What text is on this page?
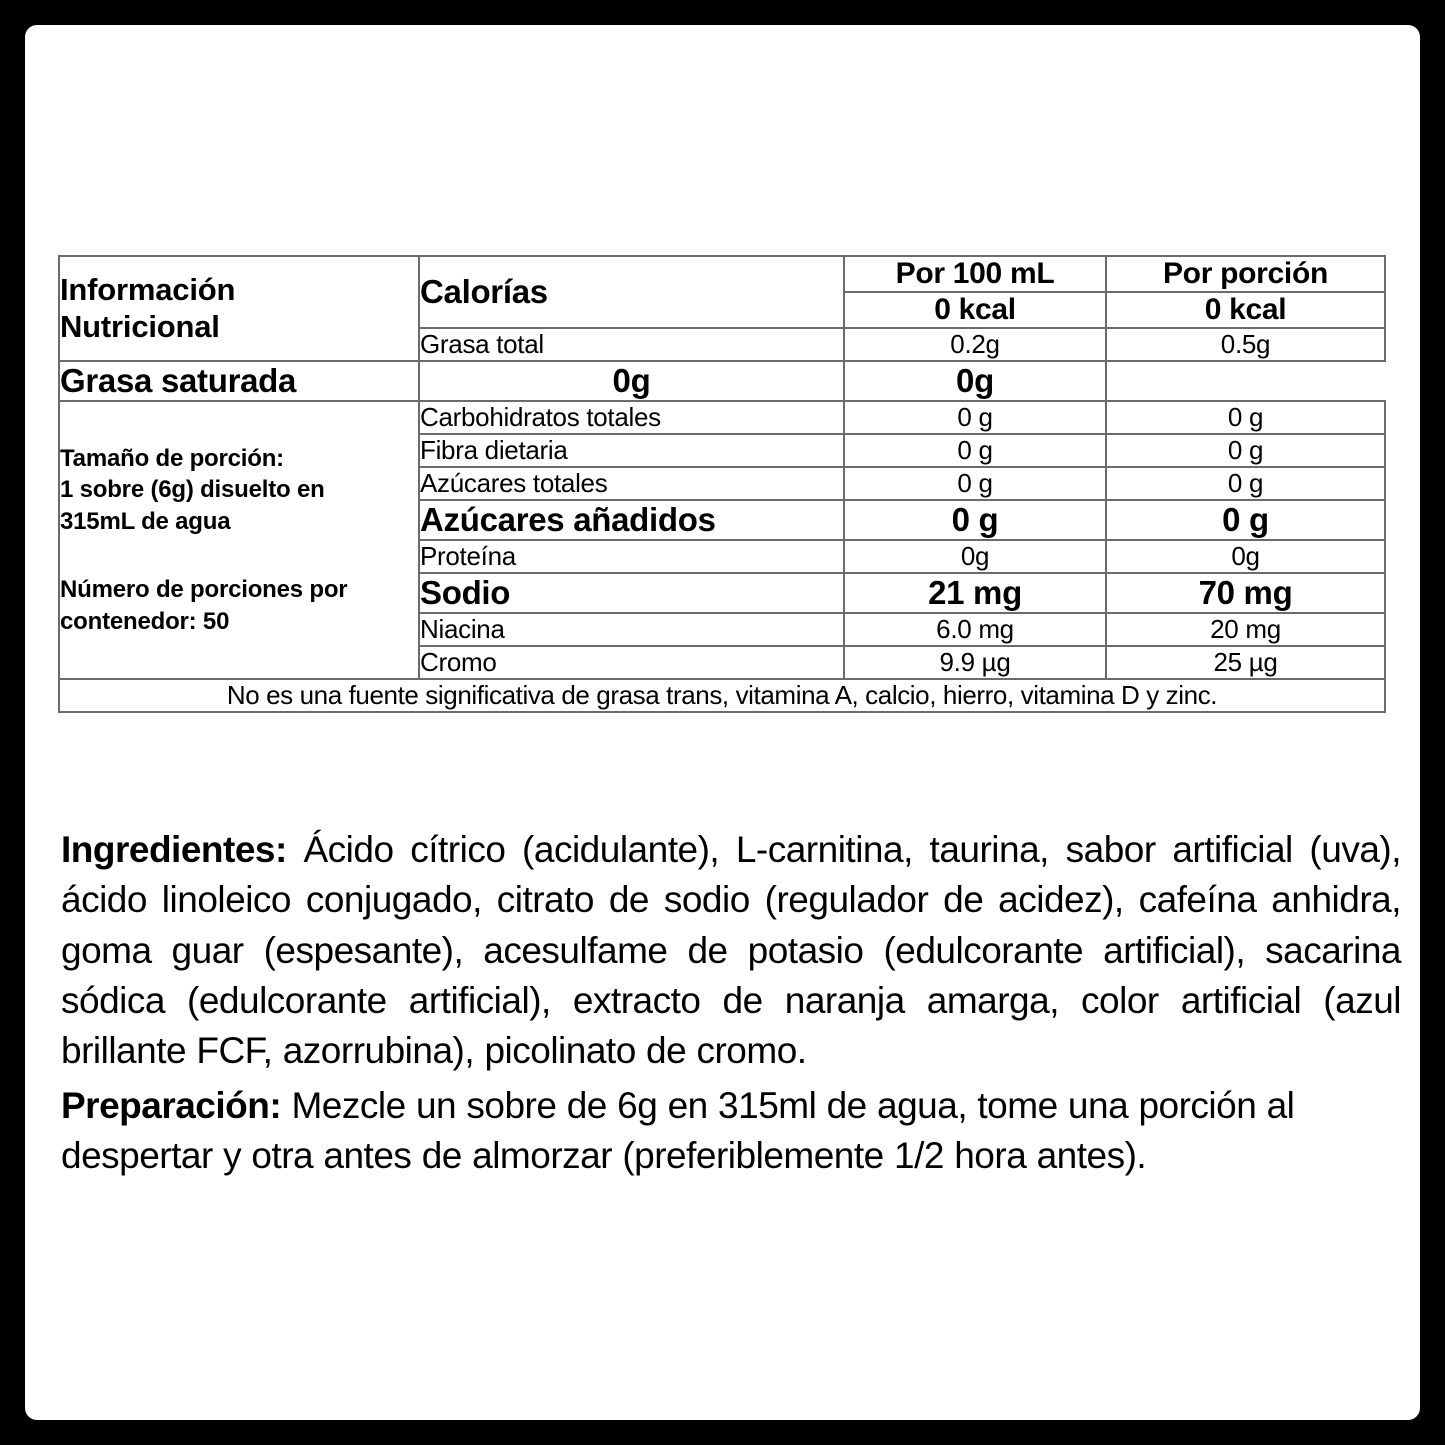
Información
Nutricional	Calorías	Por 100 mL	Por porción
		0 kcal	0 kcal
	Grasa total	0.2g	0.5g
Grasa saturada	0g	0g	
Tamaño de porción:
1 sobre (6g) disuelto en
315mL de agua
Número de porciones por
contenedor: 50	Carbohidratos totales	0 g	0 g
	Fibra dietaria	0 g	0 g
	Azúcares totales	0 g	0 g
	Azúcares añadidos	0 g	0 g
	Proteína	0g	0g
	Sodio	21 mg	70 mg
	Niacina	6.0 mg	20 mg
	Cromo	9.9 µg	25 µg
No es una fuente significativa de grasa trans, vitamina A, calcio, hierro, vitamina D y zinc.			

Ingredientes: Ácido cítrico (acidulante), L-carnitina, taurina, sabor artificial (uva), ácido linoleico conjugado, citrato de sodio (regulador de acidez), cafeína anhidra, goma guar (espesante), acesulfame de potasio (edulcorante artificial), sacarina sódica (edulcorante artificial), extracto de naranja amarga, color artificial (azul brillante FCF, azorrubina), picolinato de cromo.

Preparación: Mezcle un sobre de 6g en 315ml de agua, tome una porción al despertar y otra antes de almorzar (preferiblemente 1/2 hora antes).
